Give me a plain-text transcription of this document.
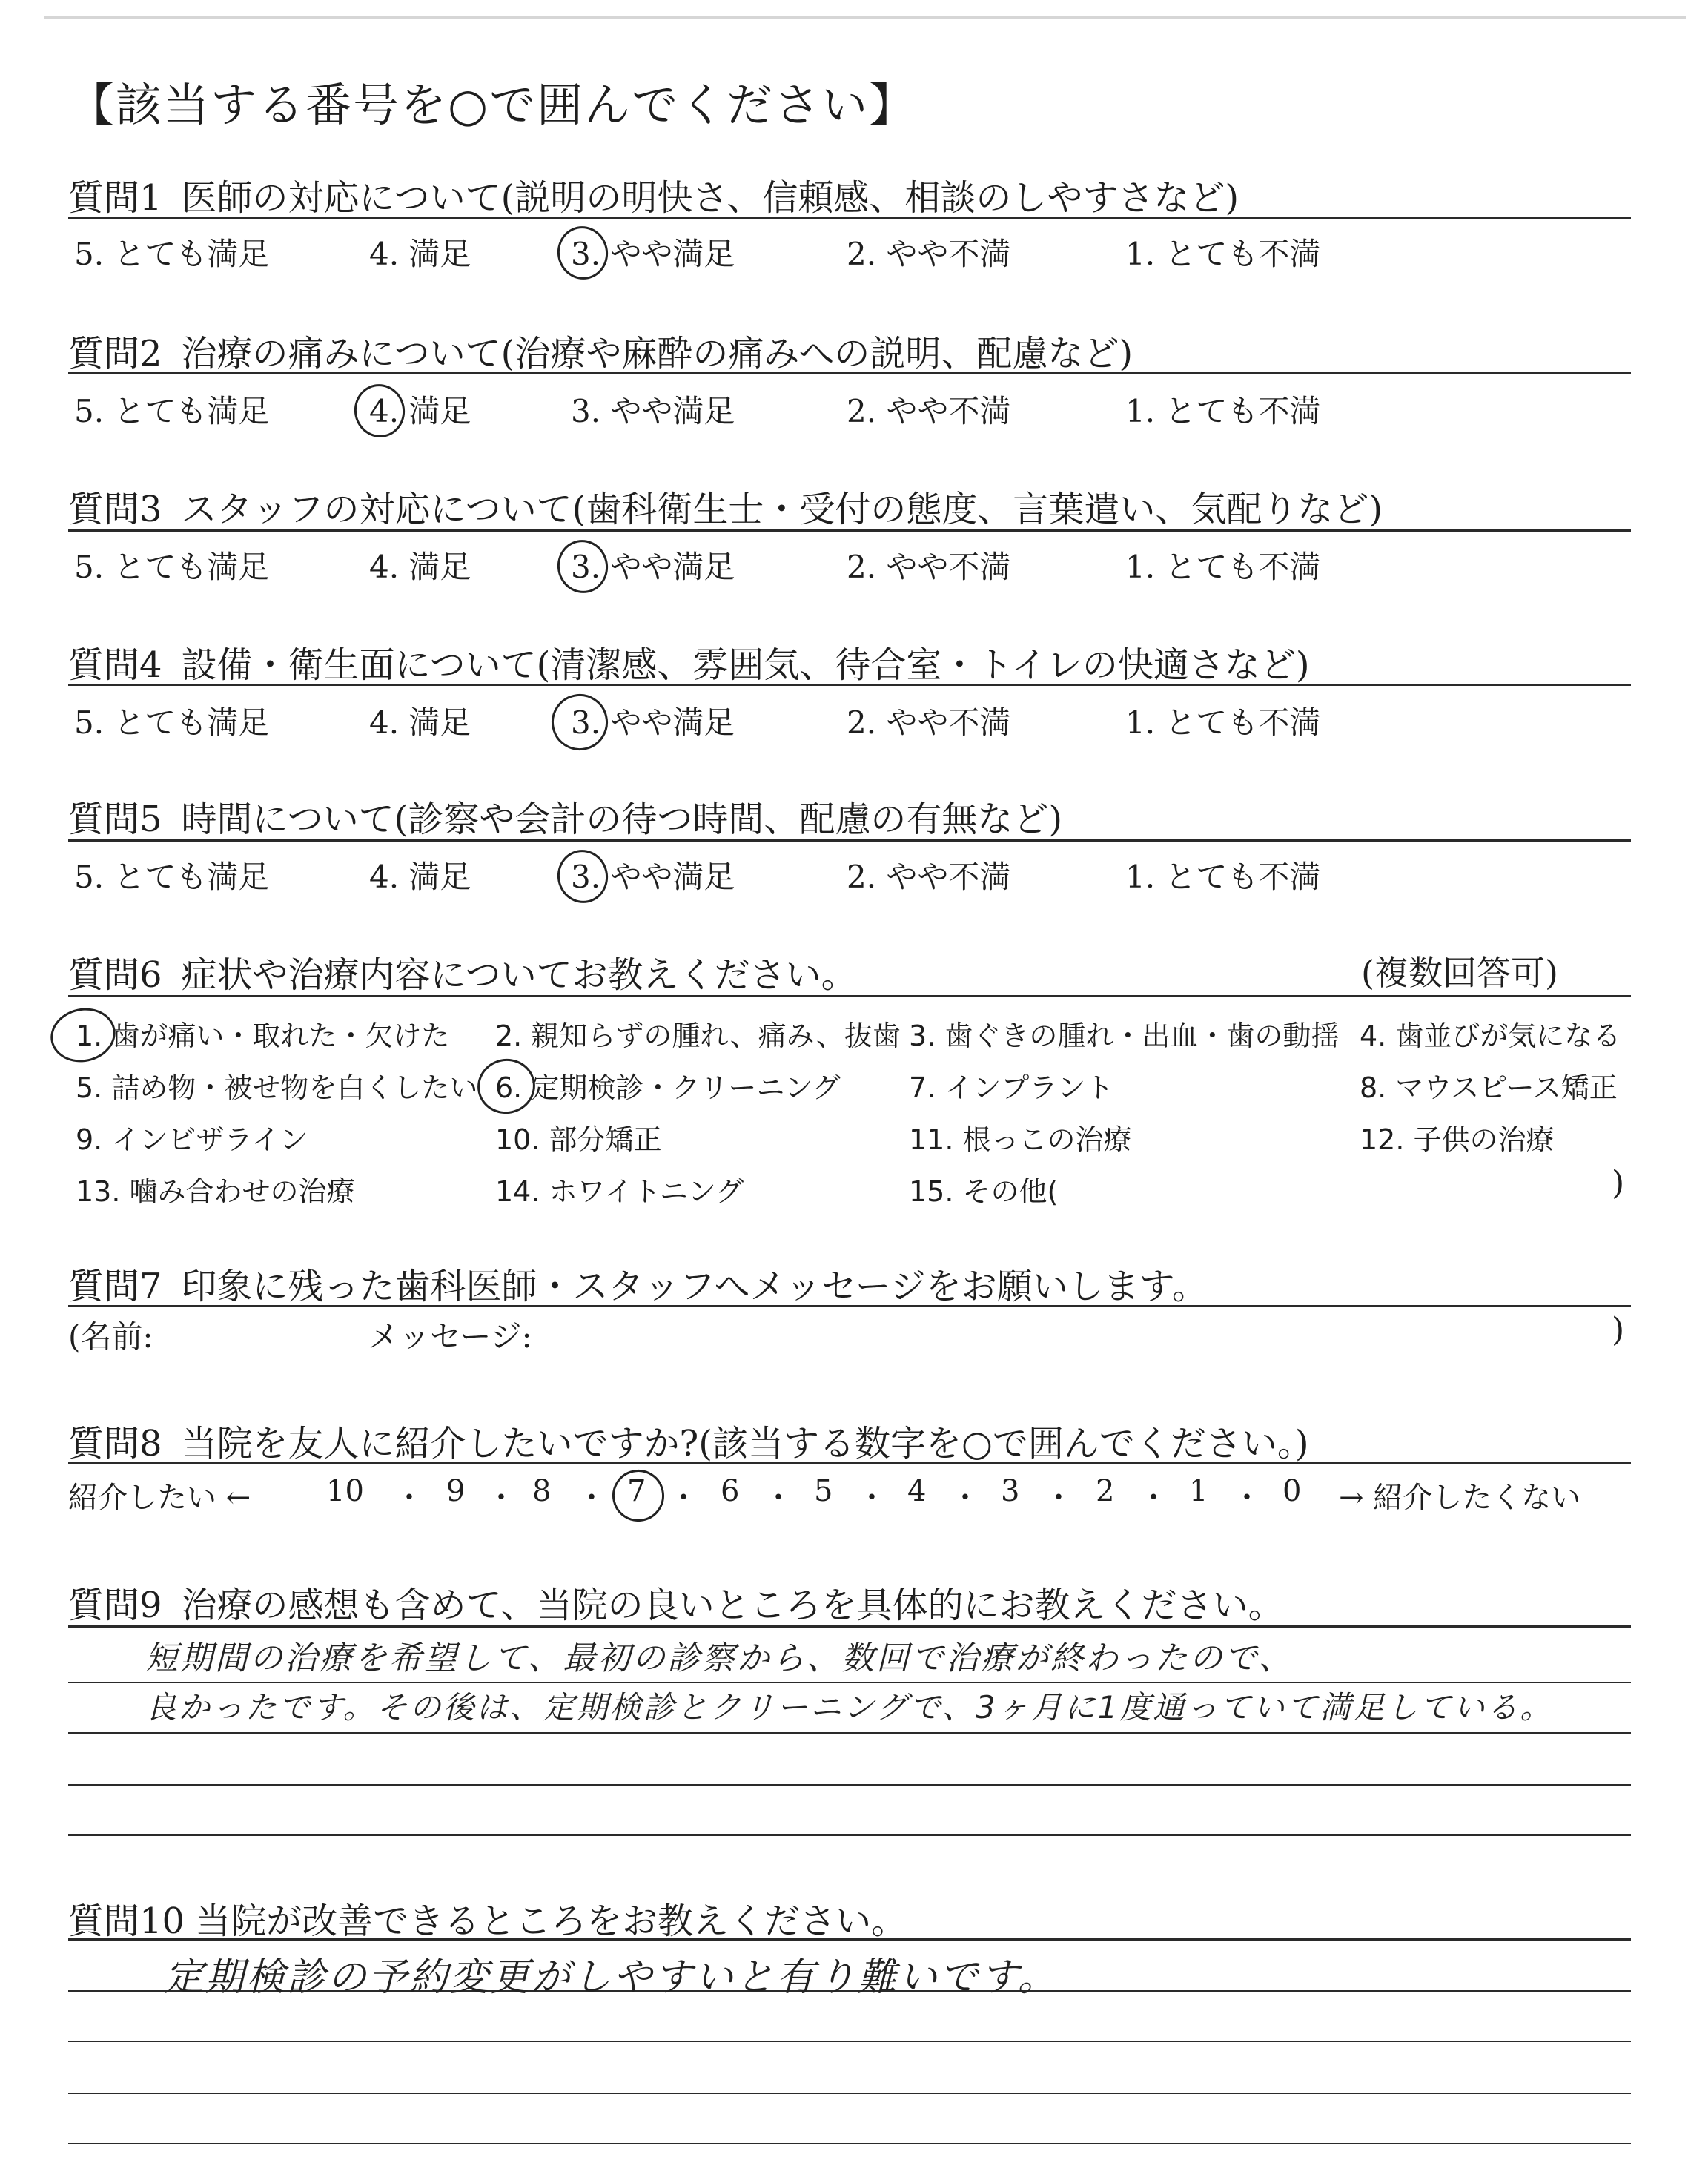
【該当する番号を○で囲んでください】
質問1 医師の対応について(説明の明快さ、信頼感、相談のしやすさなど)
5. とても満足	4. 満足	3. やや満足	2. やや不満	1. とても不満
質問2 治療の痛みについて(治療や麻酔の痛みへの説明、配慮など)
5. とても満足	4. 満足	3. やや満足	2. やや不満	1. とても不満
質問3 スタッフの対応について(歯科衛生士・受付の態度、言葉遣い、気配りなど)
5. とても満足	4. 満足	3. やや満足	2. やや不満	1. とても不満
質問4 設備・衛生面について(清潔感、雰囲気、待合室・トイレの快適さなど)
5. とても満足	4. 満足	3. やや満足	2. やや不満	1. とても不満
質問5 時間について(診察や会計の待つ時間、配慮の有無など)
5. とても満足	4. 満足	3. やや満足	2. やや不満	1. とても不満
質問6 症状や治療内容についてお教えください。	(複数回答可)
1. 歯が痛い・取れた・欠けた 2. 親知らずの腫れ、痛み、抜歯 3. 歯ぐきの腫れ・出血・歯の動揺 4. 歯並びが気になる
5. 詰め物・被せ物を白くしたい 6. 定期検診・クリーニング 7. インプラント	8. マウスピース矯正
9. インビザライン	10. 部分矯正	11. 根っこの治療	12. 子供の治療
13. 噛み合わせの治療	14. ホワイトニング	15. その他(	)
質問7 印象に残った歯科医師・スタッフへメッセージをお願いします。
(名前:	メッセージ:	)
質問8 当院を友人に紹介したいですか?(該当する数字を○で囲んでください。)
紹介したい ←	10 ・ 9 ・ 8 ・ 7 ・ 6 ・ 5 ・ 4 ・ 3 ・ 2 ・ 1 ・ 0 → 紹介したくない
質問9 治療の感想も含めて、当院の良いところを具体的にお教えください。
短期間の治療を希望して、最初の診察から、数回で治療が終わったので、
良かったです。その後は、定期検診とクリーニングで、3ヶ月に1度通っていて満足している。
質問10 当院が改善できるところをお教えください。
定期検診の予約変更がしやすいと有り難いです。
